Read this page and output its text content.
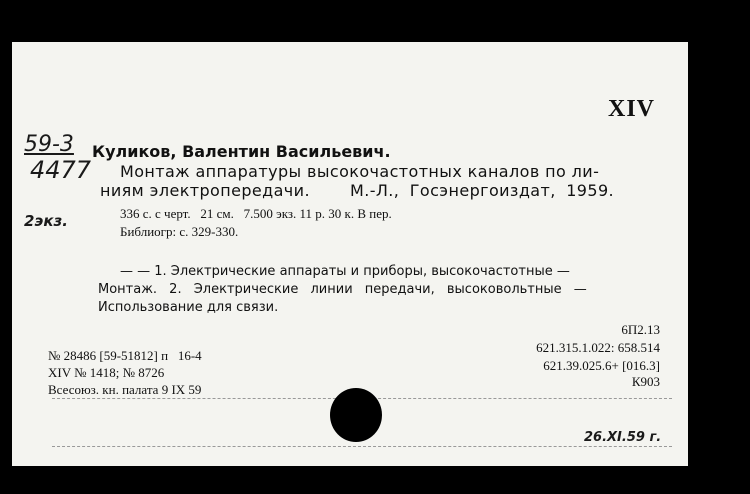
XIV
59-3
4477
2экз.
Куликов, Валентин Васильевич.
Монтаж аппаратуры высокочастотных каналов по ли-
ниям электропередачи.	М.-Л., Госэнергоиздат, 1959.
336 с. с черт.   21 см.   7.500 экз. 11 р. 30 к. В пер.
Библиогр: с. 329-330.
— — 1. Электрические аппараты и приборы, высокочастотные —
Монтаж. 2. Электрические линии передачи, высоковольтные —
Использование для связи.
№ 28486 [59-51812] п   16-4
XIV № 1418; № 8726
Всесоюз. кн. палата 9 IX 59
6П2.13
621.315.1.022: 658.514
621.39.025.6+ [016.3]
К903
26.XI.59 г.
